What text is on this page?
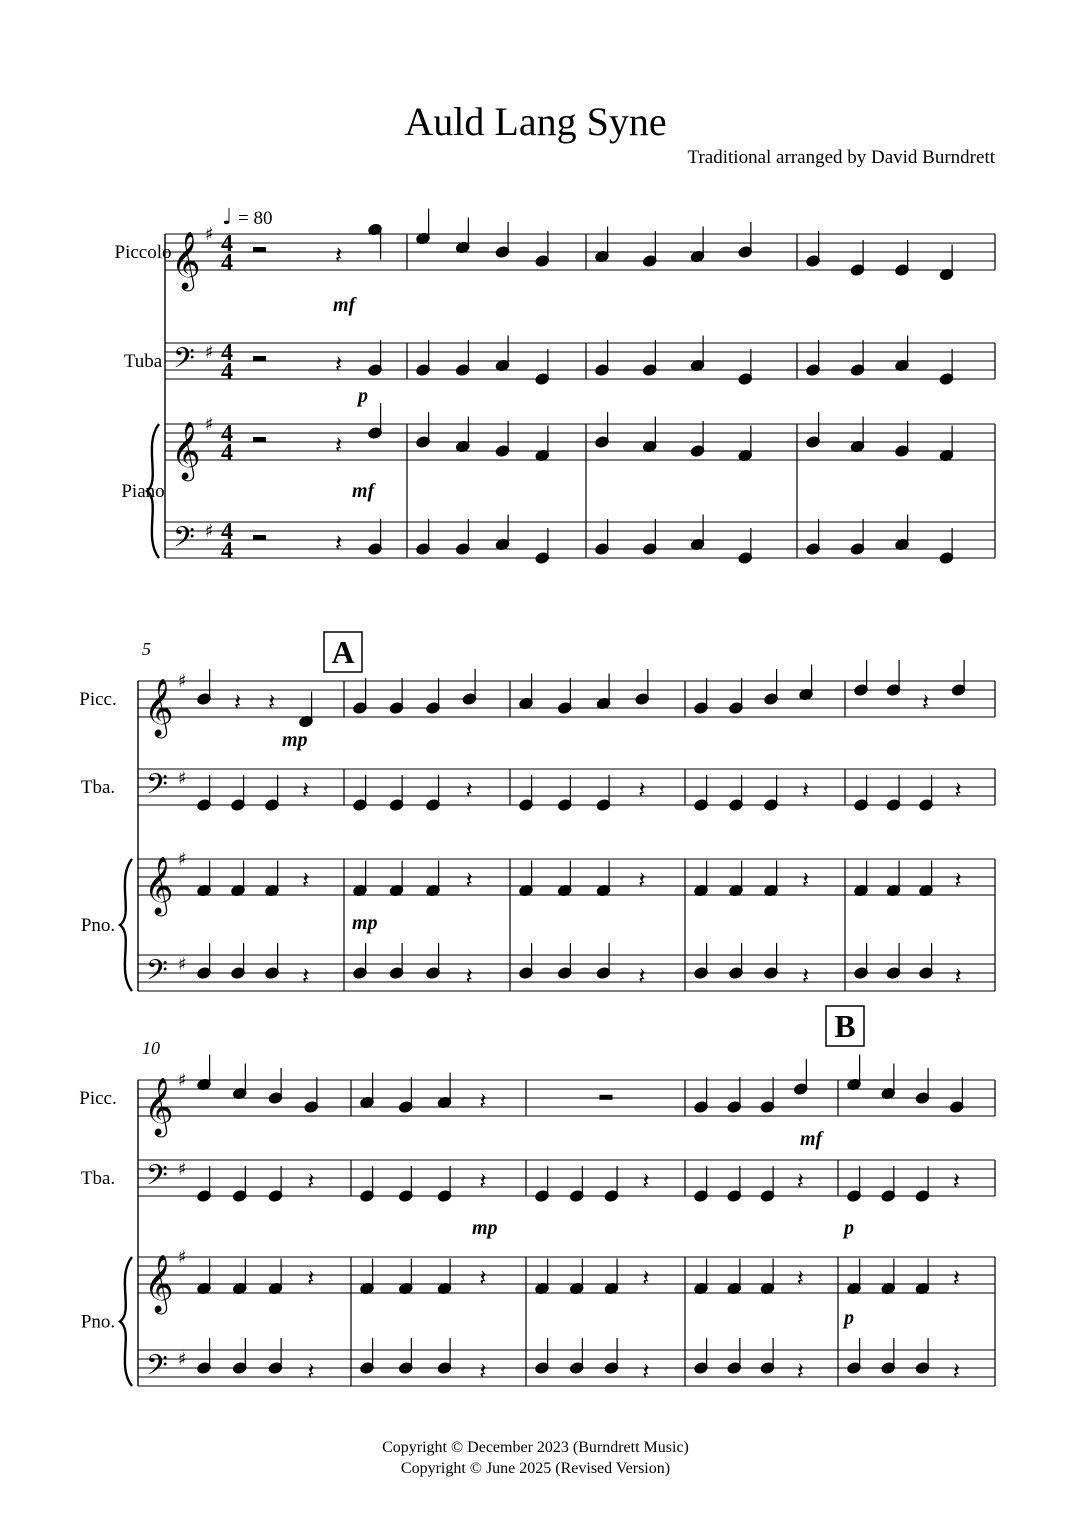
Auld Lang Syne
Traditional arranged by David Burndrett
𝄞 ♯ 4
4
𝄢 ♯ 4
4
𝄞 ♯ 4
4
𝄢 ♯ 4
4
Piccolo
Tuba
Piano
𝄽
𝄽
𝄽
𝄽
𝄞 ♯
𝄢 ♯
𝄞 ♯
𝄢 ♯
Picc.
Tba.
Pno.
𝄽 𝄽
𝄽
𝄽
𝄽
𝄽
𝄽
𝄽
𝄽
𝄽
𝄽
𝄽
𝄽
𝄽
𝄽
𝄽
𝄽
𝄽
𝄞 ♯
𝄢 ♯
𝄞 ♯
𝄢 ♯
Picc.
Tba.
Pno.
𝄽
𝄽
𝄽
𝄽
𝄽
𝄽
𝄽
𝄽
𝄽
𝄽
𝄽
𝄽
𝄽
𝄽
𝄽
𝄽
♩ = 80
5
10
A
B
mf
p
mf
mp
mp
mf
mp	p
p
Copyright © December 2023 (Burndrett Music)
Copyright © June 2025 (Revised Version)
